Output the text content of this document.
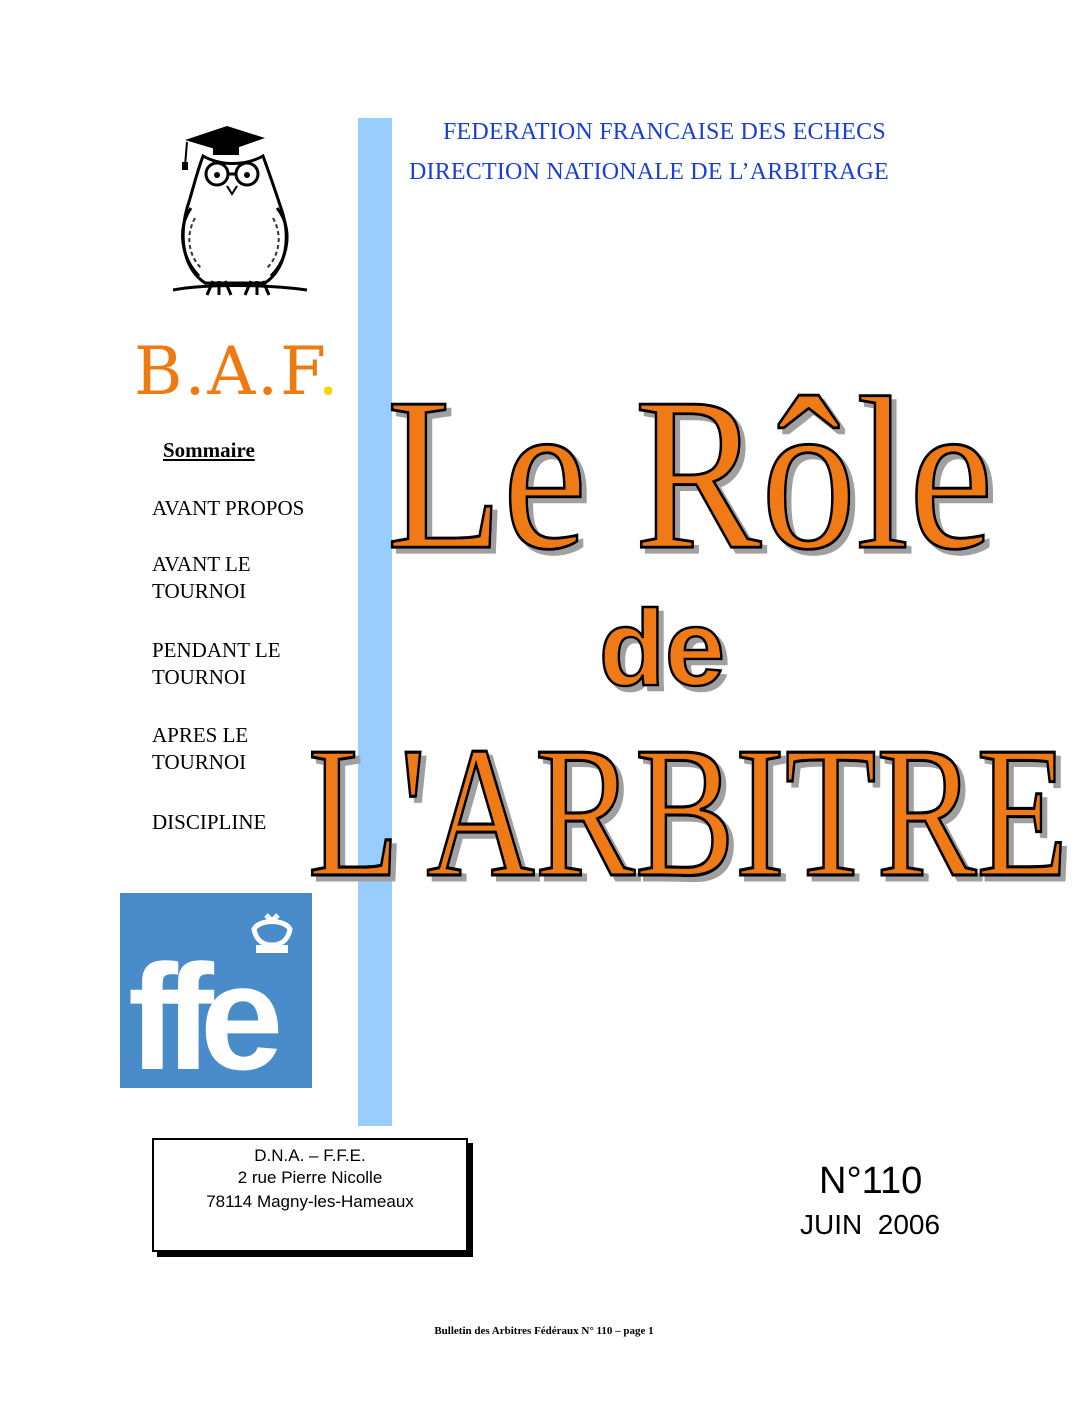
FEDERATION FRANCAISE DES ECHECS
DIRECTION NATIONALE DE L’ARBITRAGE
B.A.F.
Sommaire
AVANT PROPOS
AVANT LE
TOURNOI
PENDANT LE
TOURNOI
APRES LE
TOURNOI
DISCIPLINE
ffe
Le Rôle
de
L'ARBITRE
D.N.A. – F.F.E.
2 rue Pierre Nicolle
78114 Magny-les-Hameaux	N°110
JUIN  2006
Bulletin des Arbitres Fédéraux N° 110 – page 1
